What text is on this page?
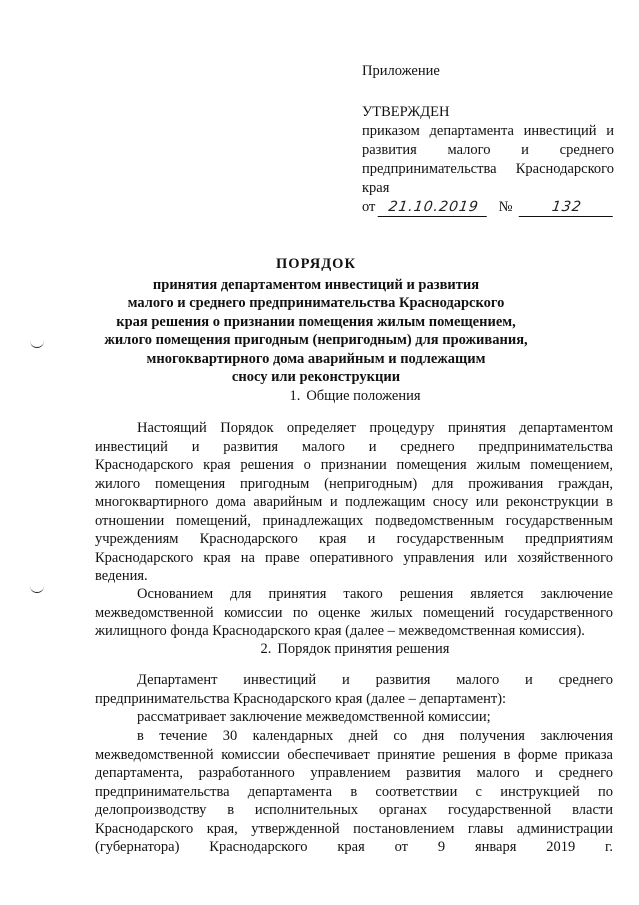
Приложение
УТВЕРЖДЕН
приказом департамента инвестиций и
развития малого и среднего
предпринимательства Краснодарского
края
от 21.10.2019	№	132
ПОРЯДОК
принятия департаментом инвестиций и развития
малого и среднего предпринимательства Краснодарского
края решения о признании помещения жилым помещением,
жилого помещения пригодным (непригодным) для проживания,
многоквартирного дома аварийным и подлежащим
сносу или реконструкции
1. Общие положения
Настоящий Порядок определяет процедуру принятия департаментом
инвестиций и развития малого и среднего предпринимательства
Краснодарского края решения о признании помещения жилым помещением,
жилого помещения пригодным (непригодным) для проживания граждан,
многоквартирного дома аварийным и подлежащим сносу или реконструкции в
отношении помещений, принадлежащих подведомственным государственным
учреждениям Краснодарского края и государственным предприятиям
Краснодарского края на праве оперативного управления или хозяйственного
ведения.
Основанием для принятия такого решения является заключение
межведомственной комиссии по оценке жилых помещений государственного
жилищного фонда Краснодарского края (далее – межведомственная комиссия).
2. Порядок принятия решения
Департамент инвестиций и развития малого и среднего
предпринимательства Краснодарского края (далее – департамент):
рассматривает заключение межведомственной комиссии;
в течение 30 календарных дней со дня получения заключения
межведомственной комиссии обеспечивает принятие решения в форме приказа
департамента, разработанного управлением развития малого и среднего
предпринимательства департамента в соответствии с инструкцией по
делопроизводству в исполнительных органах государственной власти
Краснодарского края, утвержденной постановлением главы администрации
(губернатора) Краснодарского края от 9 января 2019 г.
